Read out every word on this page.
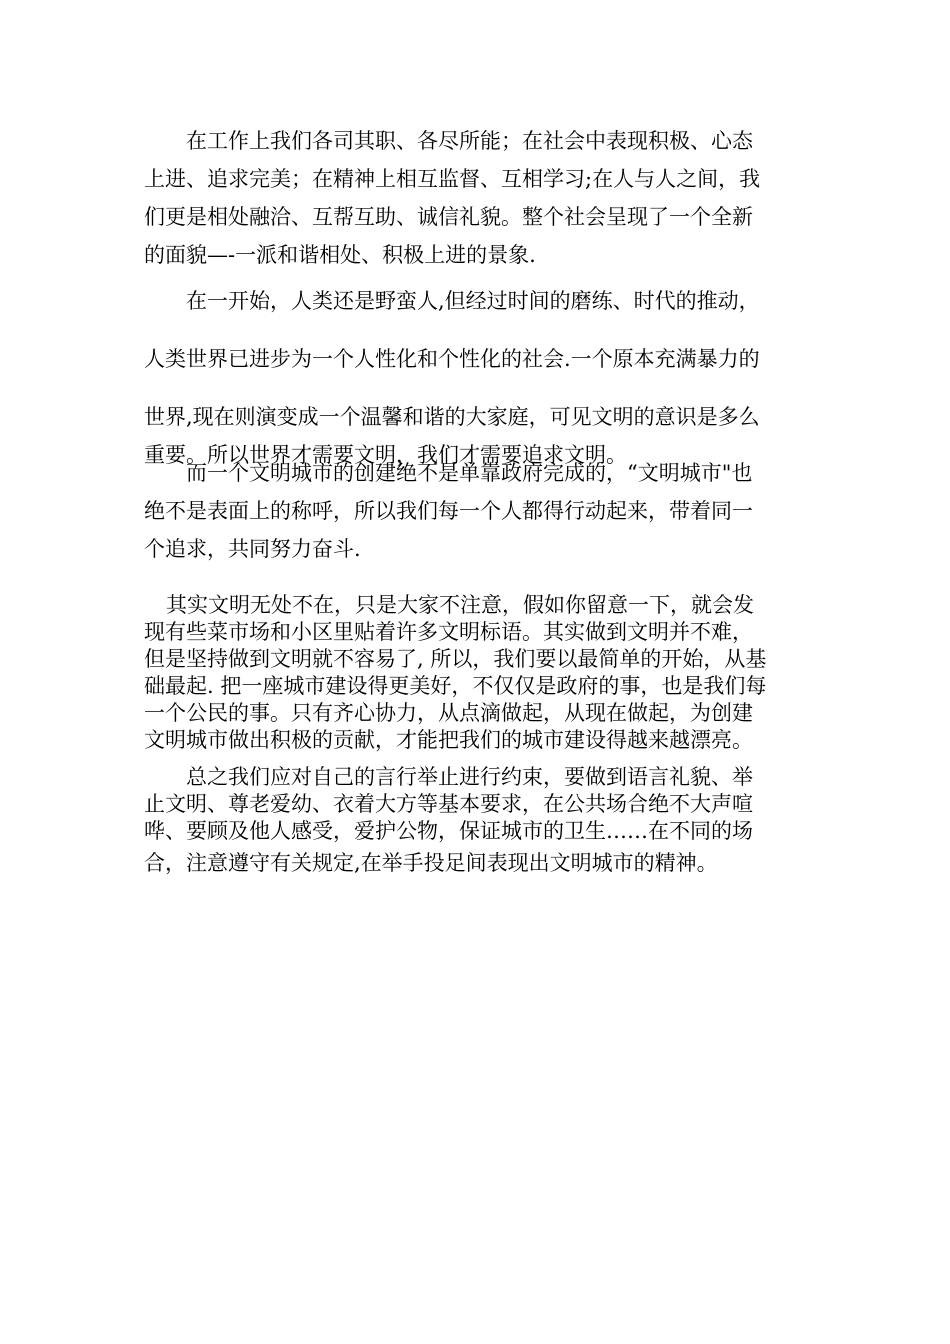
在工作上我们各司其职、各尽所能；在社会中表现积极、心态
上进、追求完美；在精神上相互监督、互相学习;在人与人之间，我
们更是相处融洽、互帮互助、诚信礼貌。整个社会呈现了一个全新
的面貌—-一派和谐相处、积极上进的景象.

在一开始，人类还是野蛮人,但经过时间的磨练、时代的推动，
人类世界已进步为一个人性化和个性化的社会.一个原本充满暴力的
世界,现在则演变成一个温馨和谐的大家庭，可见文明的意识是多么
重要。所以世界才需要文明，我们才需要追求文明。

而一个文明城市的创建绝不是单靠政府完成的，“文明城市"也
绝不是表面上的称呼，所以我们每一个人都得行动起来，带着同一
个追求，共同努力奋斗.

其实文明无处不在，只是大家不注意，假如你留意一下，就会发
现有些菜市场和小区里贴着许多文明标语。其实做到文明并不难，
但是坚持做到文明就不容易了, 所以，我们要以最简单的开始，从基
础最起. 把一座城市建设得更美好，不仅仅是政府的事，也是我们每
一个公民的事。只有齐心协力，从点滴做起，从现在做起，为创建
文明城市做出积极的贡献，才能把我们的城市建设得越来越漂亮。

总之我们应对自己的言行举止进行约束，要做到语言礼貌、举
止文明、尊老爱幼、衣着大方等基本要求，在公共场合绝不大声喧
哗、要顾及他人感受，爱护公物，保证城市的卫生……在不同的场
合，注意遵守有关规定,在举手投足间表现出文明城市的精神。
